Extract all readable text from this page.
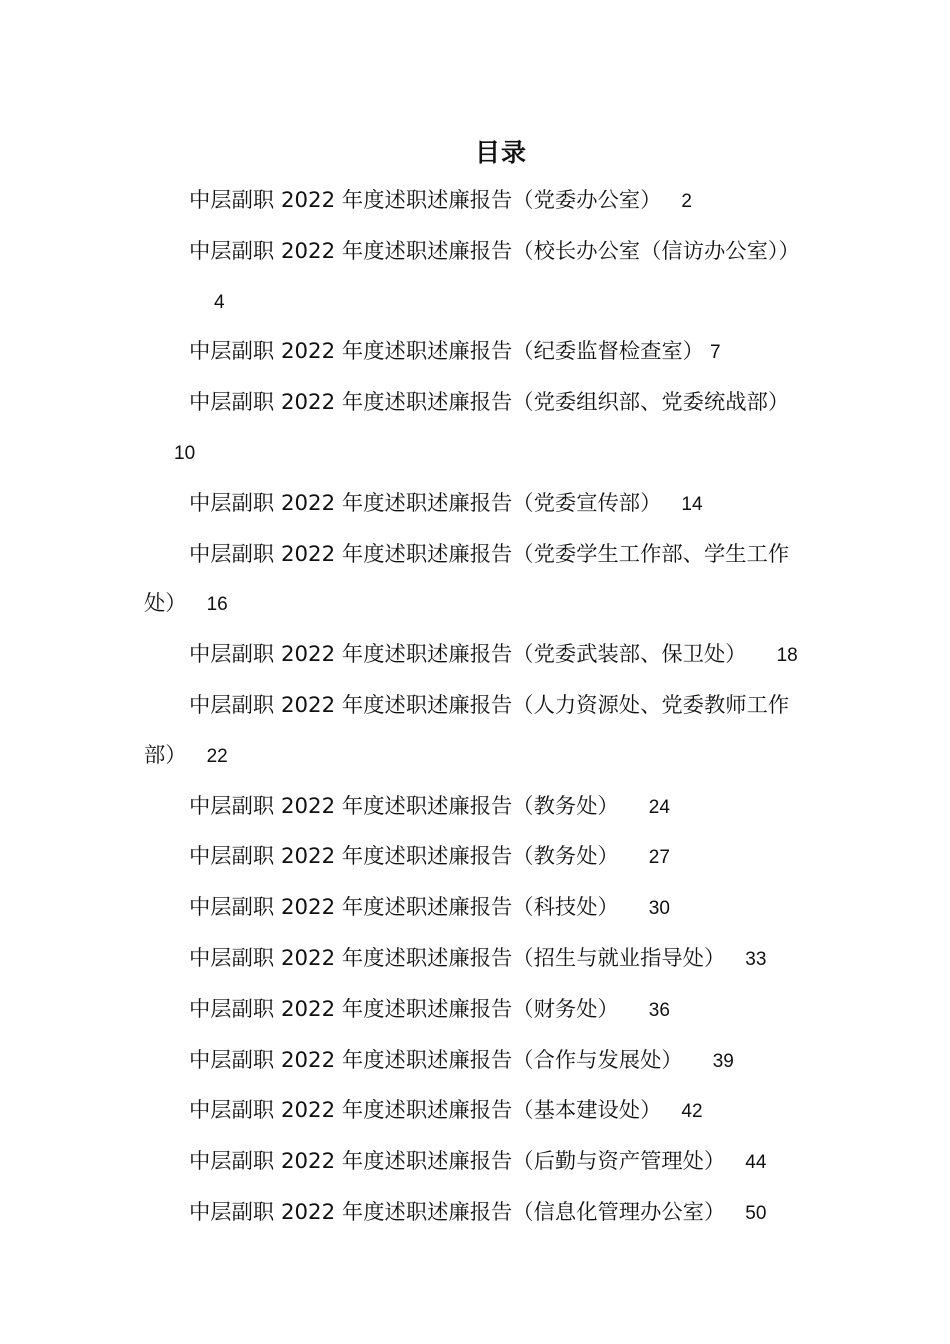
目录

中层副职 2022 年度述职述廉报告（党委办公室） 2

中层副职 2022 年度述职述廉报告（校长办公室（信访办公室））4

中层副职 2022 年度述职述廉报告（纪委监督检查室） 7

中层副职 2022 年度述职述廉报告（党委组织部、党委统战部）10

中层副职 2022 年度述职述廉报告（党委宣传部） 14

中层副职 2022 年度述职述廉报告（党委学生工作部、学生工作处） 16

中层副职 2022 年度述职述廉报告（党委武装部、保卫处） 18

中层副职 2022 年度述职述廉报告（人力资源处、党委教师工作部） 22

中层副职 2022 年度述职述廉报告（教务处） 24

中层副职 2022 年度述职述廉报告（教务处） 27

中层副职 2022 年度述职述廉报告（科技处） 30

中层副职 2022 年度述职述廉报告（招生与就业指导处） 33

中层副职 2022 年度述职述廉报告（财务处） 36

中层副职 2022 年度述职述廉报告（合作与发展处） 39

中层副职 2022 年度述职述廉报告（基本建设处） 42

中层副职 2022 年度述职述廉报告（后勤与资产管理处） 44

中层副职 2022 年度述职述廉报告（信息化管理办公室） 50
